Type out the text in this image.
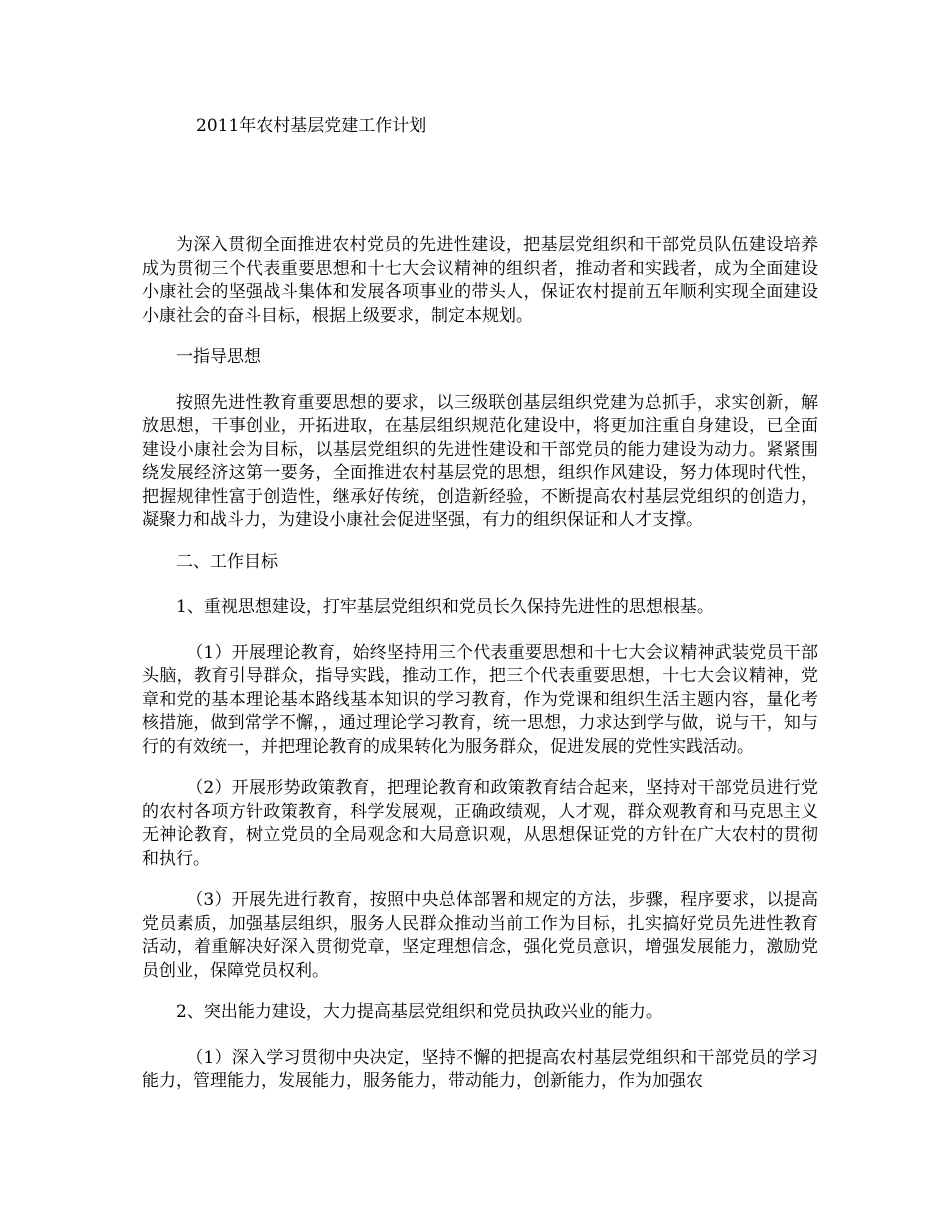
2011年农村基层党建工作计划

为深入贯彻全面推进农村党员的先进性建设，把基层党组织和干部党员队伍建设培养成为贯彻三个代表重要思想和十七大会议精神的组织者，推动者和实践者，成为全面建设小康社会的坚强战斗集体和发展各项事业的带头人，保证农村提前五年顺利实现全面建设小康社会的奋斗目标，根据上级要求，制定本规划。

一指导思想

按照先进性教育重要思想的要求，以三级联创基层组织党建为总抓手，求实创新，解放思想，干事创业，开拓进取，在基层组织规范化建设中，将更加注重自身建设，已全面建设小康社会为目标，以基层党组织的先进性建设和干部党员的能力建设为动力。紧紧围绕发展经济这第一要务，全面推进农村基层党的思想，组织作风建设，努力体现时代性，把握规律性富于创造性，继承好传统，创造新经验，不断提高农村基层党组织的创造力，凝聚力和战斗力，为建设小康社会促进坚强，有力的组织保证和人才支撑。

二、工作目标

1、重视思想建设，打牢基层党组织和党员长久保持先进性的思想根基。

（1）开展理论教育，始终坚持用三个代表重要思想和十七大会议精神武装党员干部头脑，教育引导群众，指导实践，推动工作，把三个代表重要思想，十七大会议精神，党章和党的基本理论基本路线基本知识的学习教育，作为党课和组织生活主题内容，量化考核措施，做到常学不懈，，通过理论学习教育，统一思想，力求达到学与做，说与干，知与行的有效统一，并把理论教育的成果转化为服务群众，促进发展的党性实践活动。

（2）开展形势政策教育，把理论教育和政策教育结合起来，坚持对干部党员进行党的农村各项方针政策教育，科学发展观，正确政绩观，人才观，群众观教育和马克思主义无神论教育，树立党员的全局观念和大局意识观，从思想保证党的方针在广大农村的贯彻和执行。

（3）开展先进行教育，按照中央总体部署和规定的方法，步骤，程序要求，以提高党员素质，加强基层组织，服务人民群众推动当前工作为目标，扎实搞好党员先进性教育活动，着重解决好深入贯彻党章，坚定理想信念，强化党员意识，增强发展能力，激励党员创业，保障党员权利。

2、突出能力建设，大力提高基层党组织和党员执政兴业的能力。

（1）深入学习贯彻中央决定，坚持不懈的把提高农村基层党组织和干部党员的学习能力，管理能力，发展能力，服务能力，带动能力，创新能力，作为加强农
